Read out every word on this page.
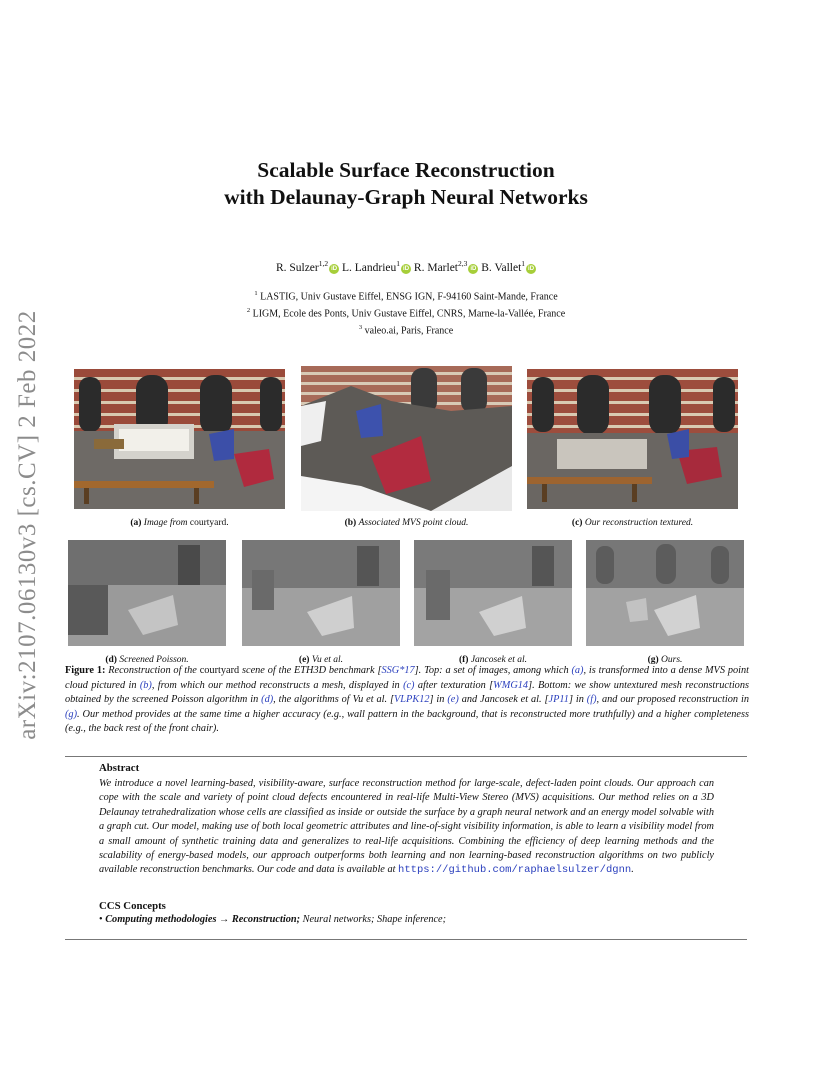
arXiv:2107.06130v3 [cs.CV] 2 Feb 2022
Scalable Surface Reconstruction
with Delaunay-Graph Neural Networks
R. Sulzer$^{1,2}$iD L. Landrieu$^1$iD R. Marlet$^{2,3}$iD B. Vallet$^1$iD
$^1$ LASTIG, Univ Gustave Eiffel, ENSG IGN, F-94160 Saint-Mande, France
$^2$ LIGM, Ecole des Ponts, Univ Gustave Eiffel, CNRS, Marne-la-Vallée, France
$^3$ valeo.ai, Paris, France
(a) Image from courtyard.	(b) Associated MVS point cloud.	(c) Our reconstruction textured.
(d) Screened Poisson.	(e) Vu et al.	(f) Jancosek et al.	(g) Ours.
Figure 1: Reconstruction of the courtyard scene of the ETH3D benchmark [SSG*17]. Top: a set of images, among which (a), is transformed into a dense MVS point cloud pictured in (b), from which our method reconstructs a mesh, displayed in (c) after texturation [WMG14]. Bottom: we show untextured mesh reconstructions obtained by the screened Poisson algorithm in (d), the algorithms of Vu et al. [VLPK12] in (e) and Jancosek et al. [JP11] in (f), and our proposed reconstruction in (g). Our method provides at the same time a higher accuracy (e.g., wall pattern in the background, that is reconstructed more truthfully) and a higher completeness (e.g., the back rest of the front chair).
Abstract
We introduce a novel learning-based, visibility-aware, surface reconstruction method for large-scale, defect-laden point clouds. Our approach can cope with the scale and variety of point cloud defects encountered in real-life Multi-View Stereo (MVS) acquisitions. Our method relies on a 3D Delaunay tetrahedralization whose cells are classified as inside or outside the surface by a graph neural network and an energy model solvable with a graph cut. Our model, making use of both local geometric attributes and line-of-sight visibility information, is able to learn a visibility model from a small amount of synthetic training data and generalizes to real-life acquisitions. Combining the efficiency of deep learning methods and the scalability of energy-based models, our approach outperforms both learning and non learning-based reconstruction algorithms on two publicly available reconstruction benchmarks. Our code and data is available at https://github.com/raphaelsulzer/dgnn.
CCS Concepts
• Computing methodologies → Reconstruction; Neural networks; Shape inference;
